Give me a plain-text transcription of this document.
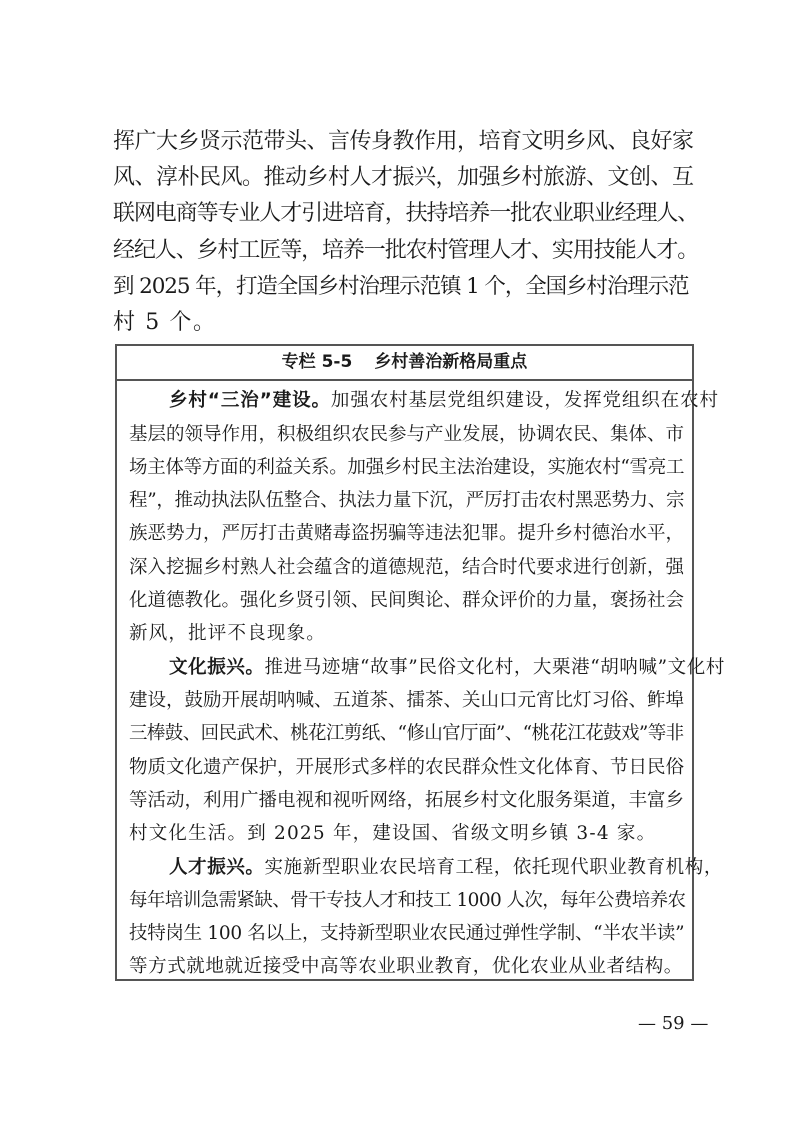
挥广大乡贤示范带头、言传身教作用，培育文明乡风、良好家
风、淳朴民风。推动乡村人才振兴，加强乡村旅游、文创、互
联网电商等专业人才引进培育，扶持培养一批农业职业经理人、
经纪人、乡村工匠等，培养一批农村管理人才、实用技能人才。
到 2025 年，打造全国乡村治理示范镇 1 个，全国乡村治理示范
村 5 个。
专栏 5-5 乡村善治新格局重点
乡村“三治”建设。加强农村基层党组织建设，发挥党组织在农村
基层的领导作用，积极组织农民参与产业发展，协调农民、集体、市
场主体等方面的利益关系。加强乡村民主法治建设，实施农村“雪亮工
程”，推动执法队伍整合、执法力量下沉，严厉打击农村黑恶势力、宗
族恶势力，严厉打击黄赌毒盗拐骗等违法犯罪。提升乡村德治水平，
深入挖掘乡村熟人社会蕴含的道德规范，结合时代要求进行创新，强
化道德教化。强化乡贤引领、民间舆论、群众评价的力量，褒扬社会
新风，批评不良现象。
文化振兴。推进马迹塘“故事”民俗文化村，大栗港“胡呐喊”文化村
建设，鼓励开展胡呐喊、五道茶、擂茶、关山口元宵比灯习俗、鲊埠
三棒鼓、回民武术、桃花江剪纸、“修山官厅面”、“桃花江花鼓戏”等非
物质文化遗产保护，开展形式多样的农民群众性文化体育、节日民俗
等活动，利用广播电视和视听网络，拓展乡村文化服务渠道，丰富乡
村文化生活。到 2025 年，建设国、省级文明乡镇 3-4 家。
人才振兴。实施新型职业农民培育工程，依托现代职业教育机构，
每年培训急需紧缺、骨干专技人才和技工 1000 人次，每年公费培养农
技特岗生 100 名以上，支持新型职业农民通过弹性学制、“半农半读”
等方式就地就近接受中高等农业职业教育，优化农业从业者结构。
— 59 —
